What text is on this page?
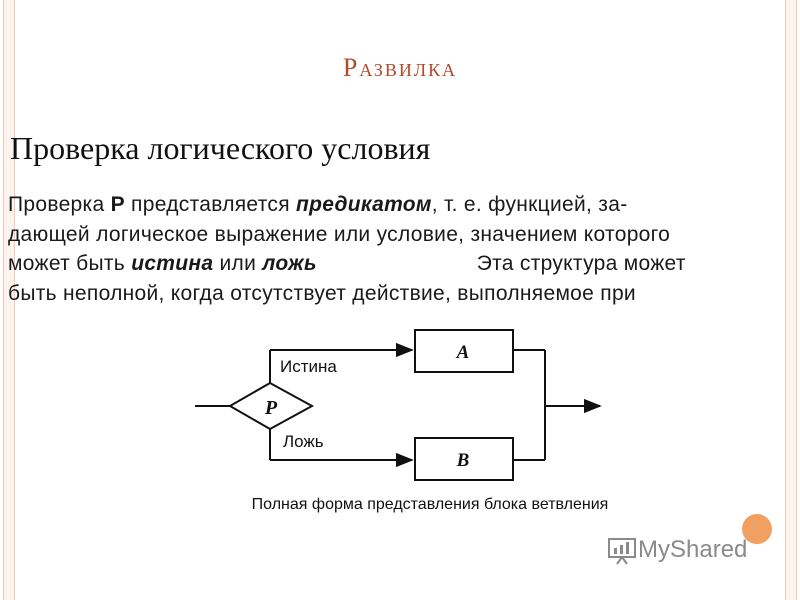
Развилка
Проверка логического условия
Проверка Р представляется предикатом, т. е. функцией, за-
дающей логическое выражение или условие, значением которого
может быть истина или ложь	Эта структура может
быть неполной, когда отсутствует действие, выполняемое при
P
Истина
Ложь
A
B
Полная форма представления блока ветвления
MyShared
